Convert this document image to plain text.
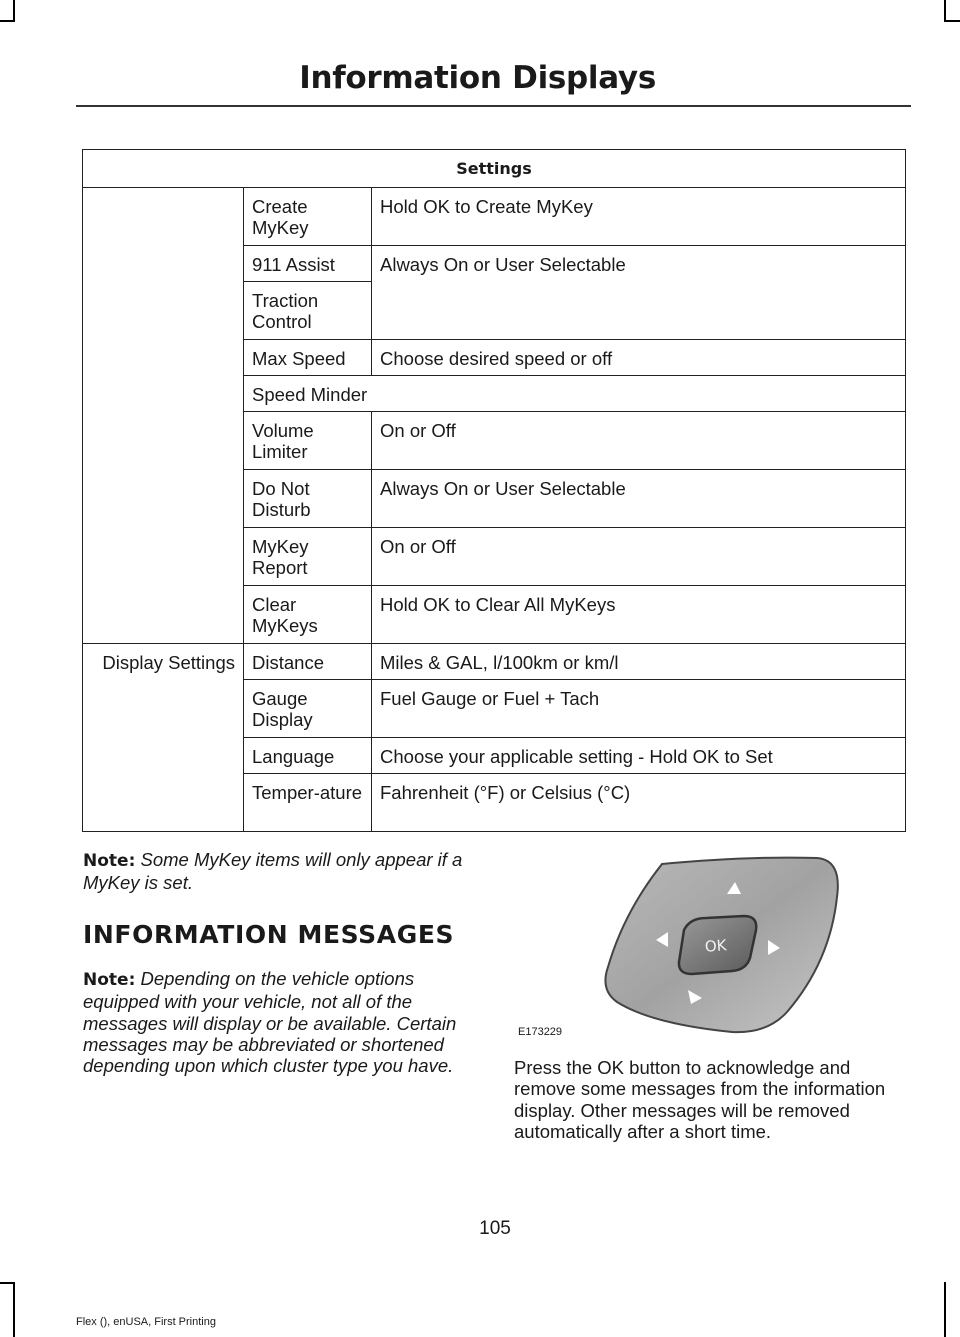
Information Displays
Settings		
	Create MyKey	Hold OK to Create MyKey
	911 Assist	Always On or User Selectable
	Traction Control	
	Max Speed	Choose desired speed or off
	Speed Minder	
	Volume Limiter	On or Off
	Do Not Disturb	Always On or User Selectable
	MyKey Report	On or Off
	Clear MyKeys	Hold OK to Clear All MyKeys
Display Settings	Distance	Miles & GAL, l/100km or km/l
	Gauge Display	Fuel Gauge or Fuel + Tach
	Language	Choose your applicable setting - Hold OK to Set
	Temper-ature	Fahrenheit (°F) or Celsius (°C)
Note: Some MyKey items will only appear if a MyKey is set.
INFORMATION MESSAGES
Note: Depending on the vehicle options equipped with your vehicle, not all of the messages will display or be available. Certain messages may be abbreviated or shortened depending upon which cluster type you have.
OK
E173229
Press the OK button to acknowledge and remove some messages from the information display. Other messages will be removed automatically after a short time.
105
Flex (), enUSA, First Printing
